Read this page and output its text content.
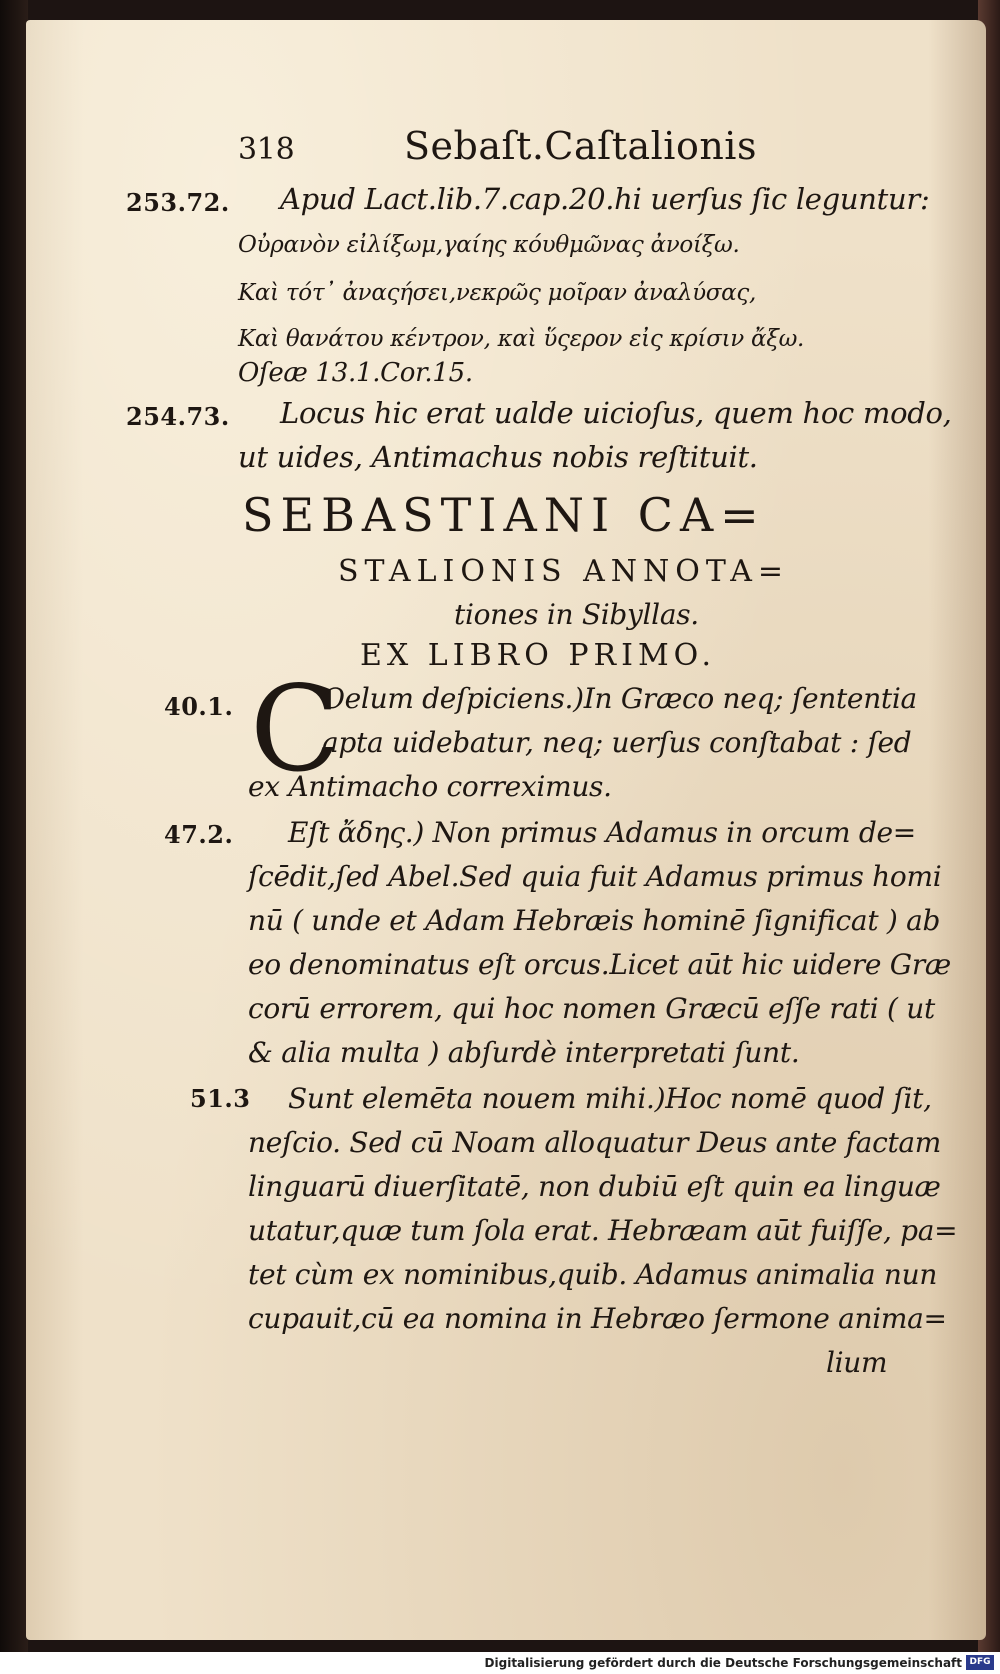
318	Sebaſt.Caſtalionis
253.72. Apud Lact.lib.7.cap.20.hi uerſus ſic leguntur:
Οὐρανὸν εἰλίξωμ,γαίης κόυθμῶνας ἀνοίξω.
Καὶ τότ᾽ ἀναςήσει,νεκρῶς μοῖραν ἀναλύσας,
Καὶ θανάτου κέντρον, καὶ ὕςερον εἰς κρίσιν ἄξω.
Oſeæ 13.1.Cor.15.
254.73. Locus hic erat ualde uicioſus, quem hoc modo,
ut uides, Antimachus nobis reſtituit.
SEBASTIANI CA=
STALIONIS ANNOTA=
tiones in Sibyllas.
EX LIBRO PRIMO.
40.1. C
Oelum deſpiciens.)In Græco neq; ſententia
apta uidebatur, neq; uerſus conſtabat : ſed
ex Antimacho correximus.
47.2. Eſt ἄδης.) Non primus Adamus in orcum de=
ſcēdit,ſed Abel.Sed quia fuit Adamus primus homi
nū ( unde et Adam Hebræis hominē ſignificat ) ab
eo denominatus eſt orcus.Licet aūt hic uidere Græ
corū errorem, qui hoc nomen Græcū eſſe rati ( ut
& alia multa ) abſurdè interpretati ſunt.
51.3 Sunt elemēta nouem mihi.)Hoc nomē quod ſit,
neſcio. Sed cū Noam alloquatur Deus ante factam
linguarū diuerſitatē, non dubiū eſt quin ea linguæ
utatur,quæ tum ſola erat. Hebræam aūt fuiſſe, pa=
tet cùm ex nominibus,quib. Adamus animalia nun
cupauit,cū ea nomina in Hebræo ſermone anima=
lium
Digitalisierung gefördert durch die Deutsche Forschungsgemeinschaft DFG
